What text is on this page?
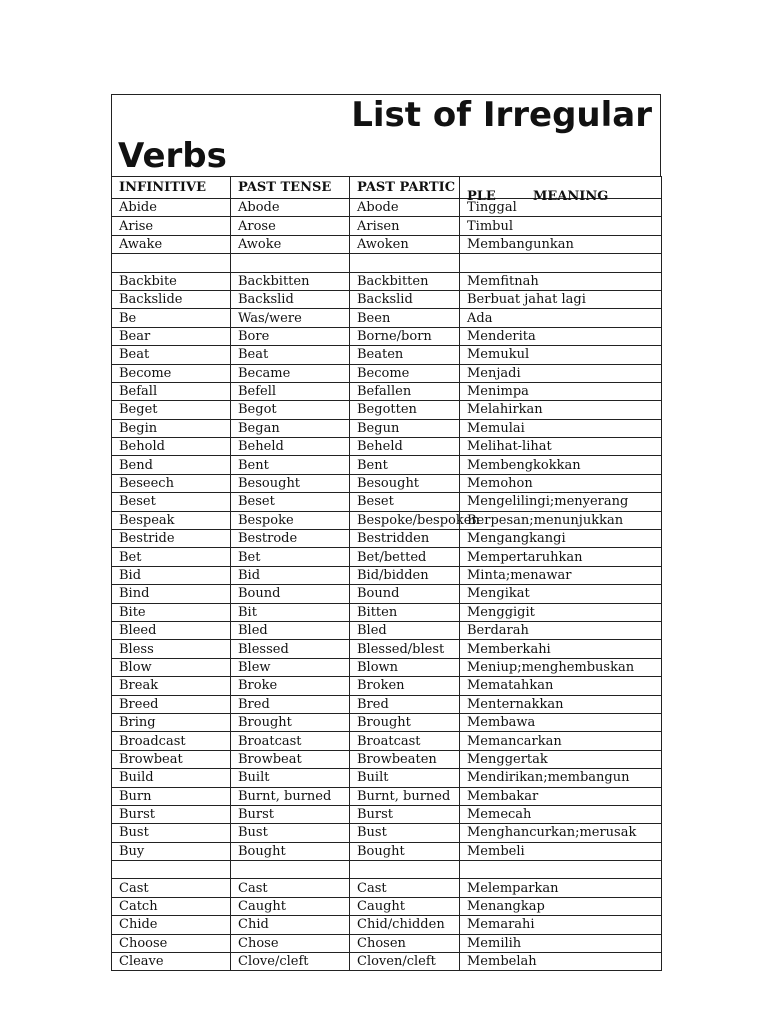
List of Irregular
Verbs
INFINITIVE	PAST TENSE	PAST PARTIC	PLE MEANING

Abide	Abode	Abode	Tinggal
Arise	Arose	Arisen	Timbul
Awake	Awoke	Awoken	Membangunkan

Backbite	Backbitten	Backbitten	Memfitnah
Backslide	Backslid	Backslid	Berbuat jahat lagi
Be	Was/were	Been	Ada
Bear	Bore	Borne/born	Menderita
Beat	Beat	Beaten	Memukul
Become	Became	Become	Menjadi
Befall	Befell	Befallen	Menimpa
Beget	Begot	Begotten	Melahirkan
Begin	Began	Begun	Memulai
Behold	Beheld	Beheld	Melihat-lihat
Bend	Bent	Bent	Membengkokkan
Beseech	Besought	Besought	Memohon
Beset	Beset	Beset	Mengelilingi;menyerang
Bespeak	Bespoke	Bespoke/bespoken	Berpesan;menunjukkan
Bestride	Bestrode	Bestridden	Mengangkangi
Bet	Bet	Bet/betted	Mempertaruhkan
Bid	Bid	Bid/bidden	Minta;menawar
Bind	Bound	Bound	Mengikat
Bite	Bit	Bitten	Menggigit
Bleed	Bled	Bled	Berdarah
Bless	Blessed	Blessed/blest	Memberkahi
Blow	Blew	Blown	Meniup;menghembuskan
Break	Broke	Broken	Mematahkan
Breed	Bred	Bred	Menternakkan
Bring	Brought	Brought	Membawa
Broadcast	Broatcast	Broatcast	Memancarkan
Browbeat	Browbeat	Browbeaten	Menggertak
Build	Built	Built	Mendirikan;membangun
Burn	Burnt, burned	Burnt, burned	Membakar
Burst	Burst	Burst	Memecah
Bust	Bust	Bust	Menghancurkan;merusak
Buy	Bought	Bought	Membeli

Cast	Cast	Cast	Melemparkan
Catch	Caught	Caught	Menangkap
Chide	Chid	Chid/chidden	Memarahi
Choose	Chose	Chosen	Memilih
Cleave	Clove/cleft	Cloven/cleft	Membelah
